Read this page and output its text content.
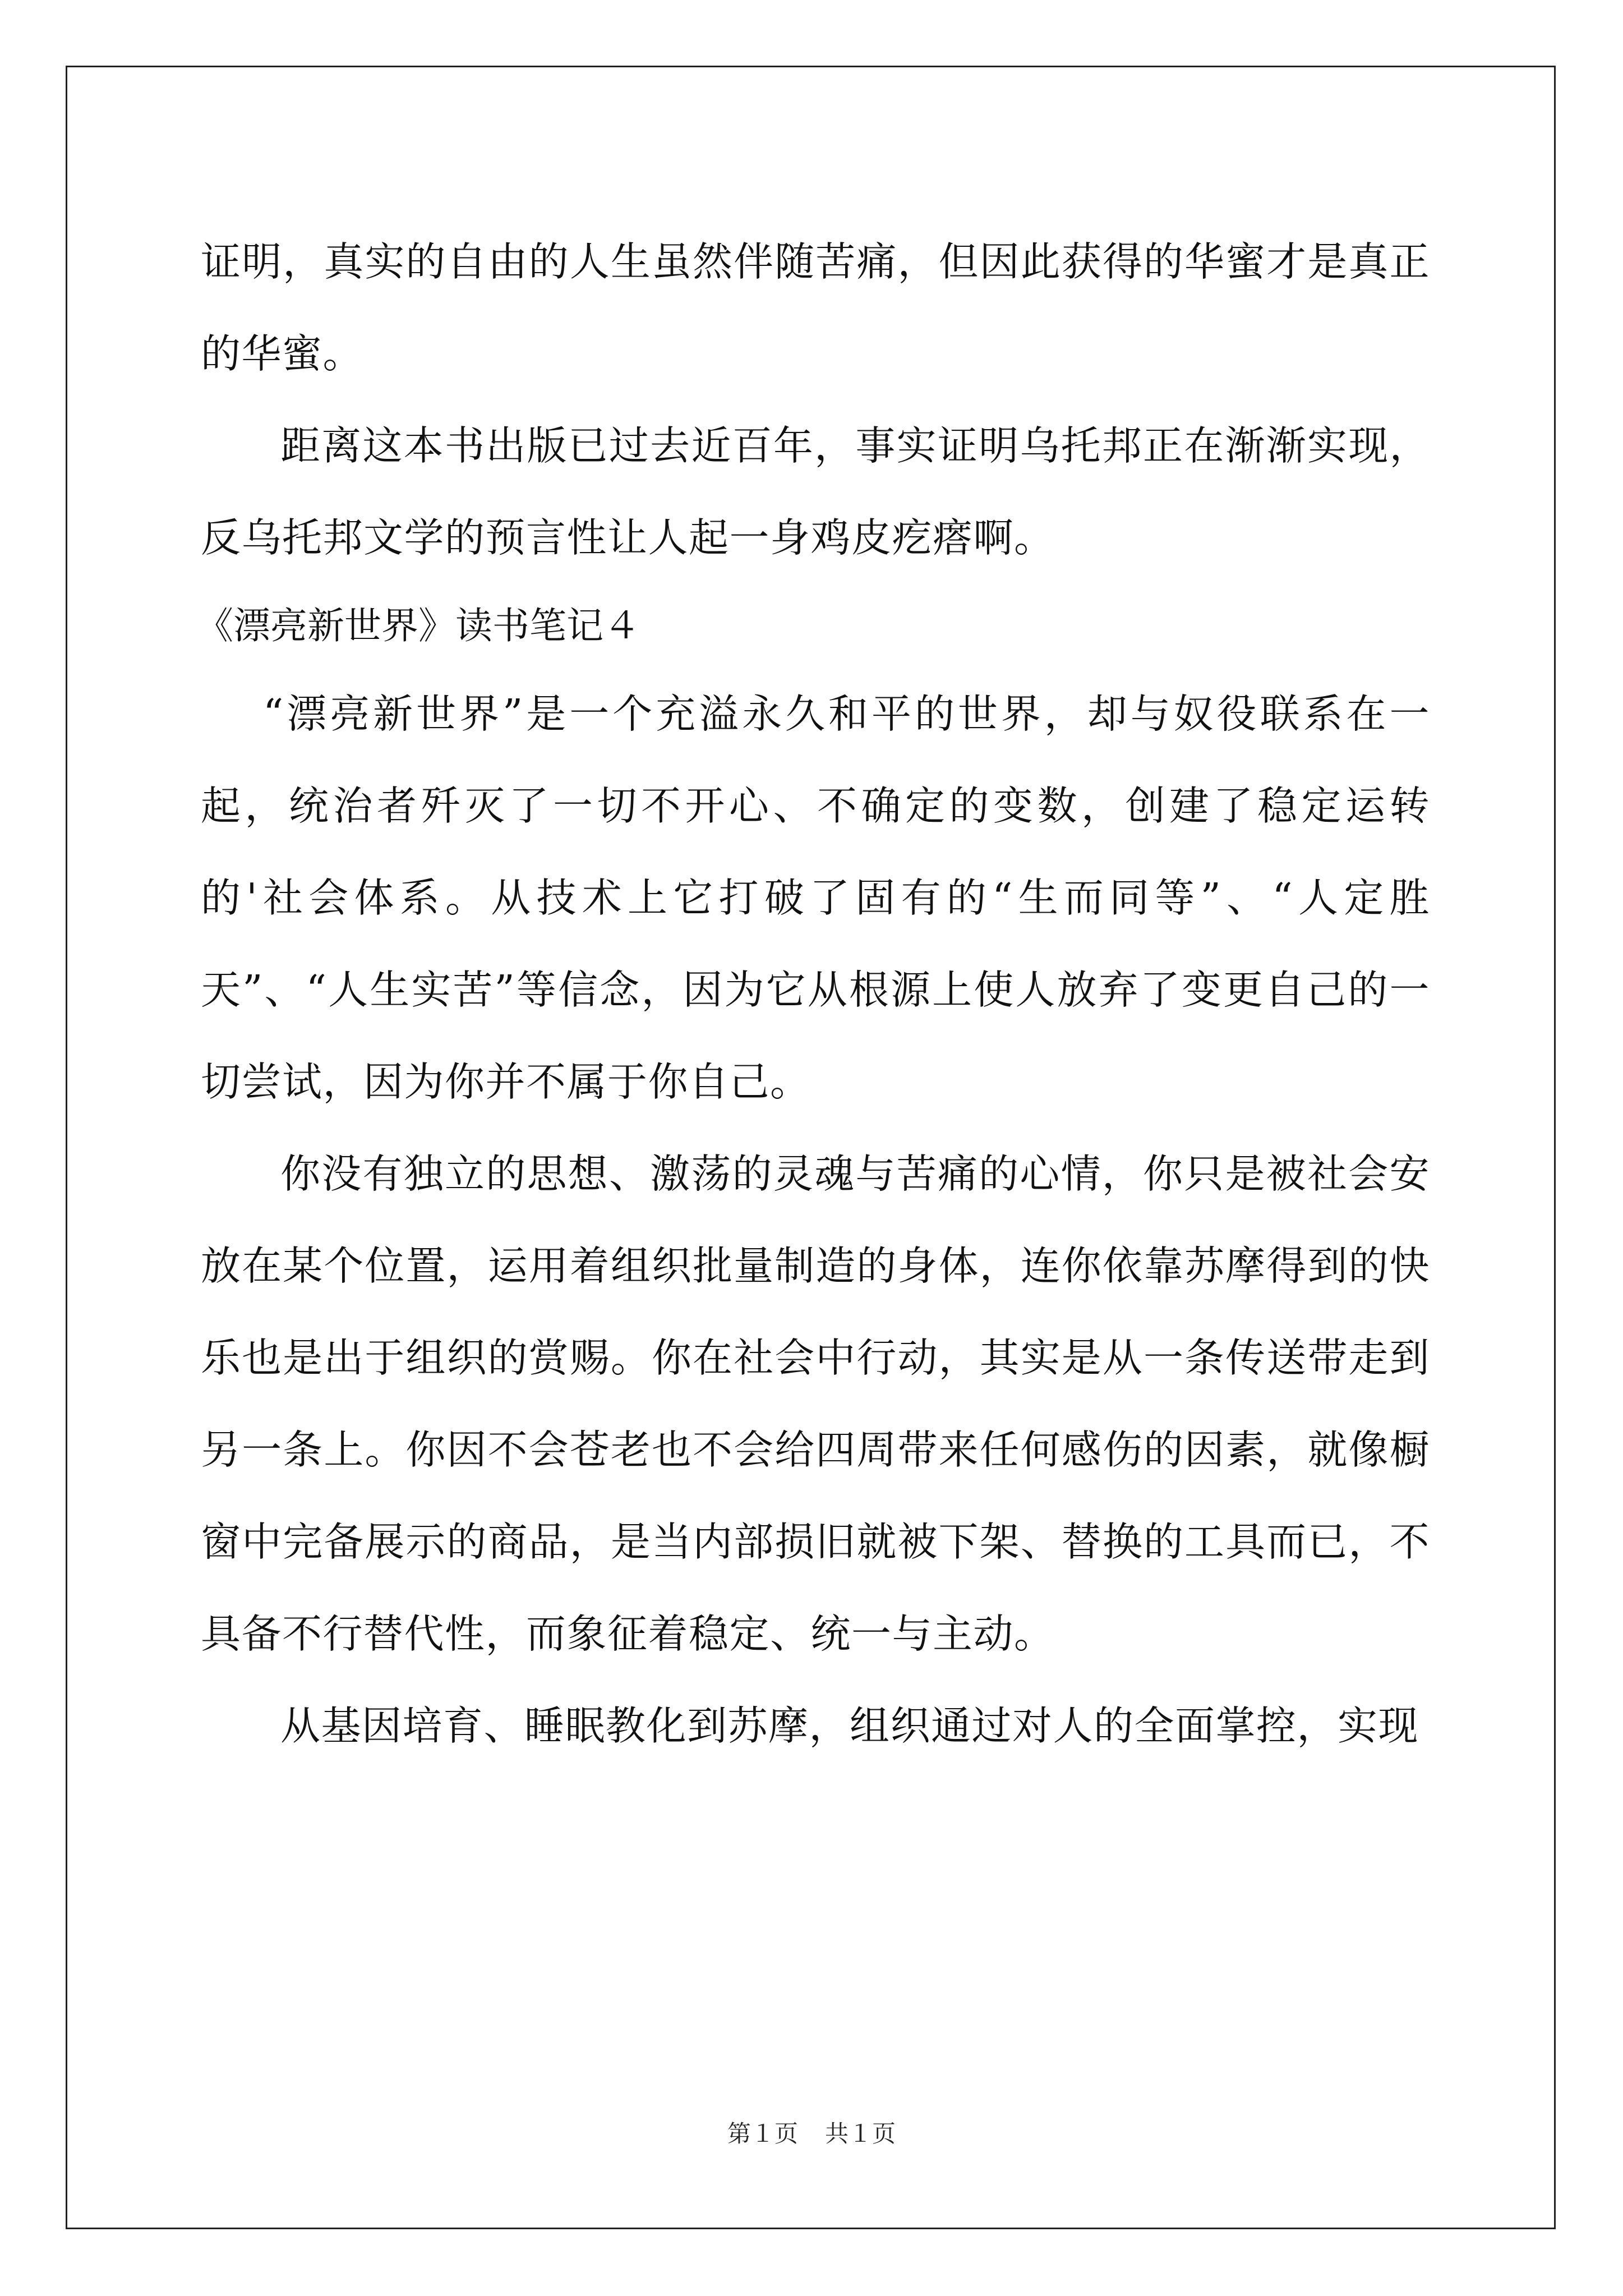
证明，真实的自由的人生虽然伴随苦痛，但因此获得的华蜜才是真正的华蜜。

距离这本书出版已过去近百年，事实证明乌托邦正在渐渐实现，反乌托邦文学的预言性让人起一身鸡皮疙瘩啊。

《漂亮新世界》读书笔记４

“漂亮新世界”是一个充溢永久和平的世界，却与奴役联系在一起，统治者歼灭了一切不开心、不确定的变数，创建了稳定运转的'社会体系。从技术上它打破了固有的“生而同等”、“人定胜天”、“人生实苦”等信念，因为它从根源上使人放弃了变更自己的一切尝试，因为你并不属于你自己。

你没有独立的思想、激荡的灵魂与苦痛的心情，你只是被社会安放在某个位置，运用着组织批量制造的身体，连你依靠苏摩得到的快乐也是出于组织的赏赐。你在社会中行动，其实是从一条传送带走到另一条上。你因不会苍老也不会给四周带来任何感伤的因素，就像橱窗中完备展示的商品，是当内部损旧就被下架、替换的工具而已，不具备不行替代性，而象征着稳定、统一与主动。

从基因培育、睡眠教化到苏摩，组织通过对人的全面掌控，实现

第１页 共１页
